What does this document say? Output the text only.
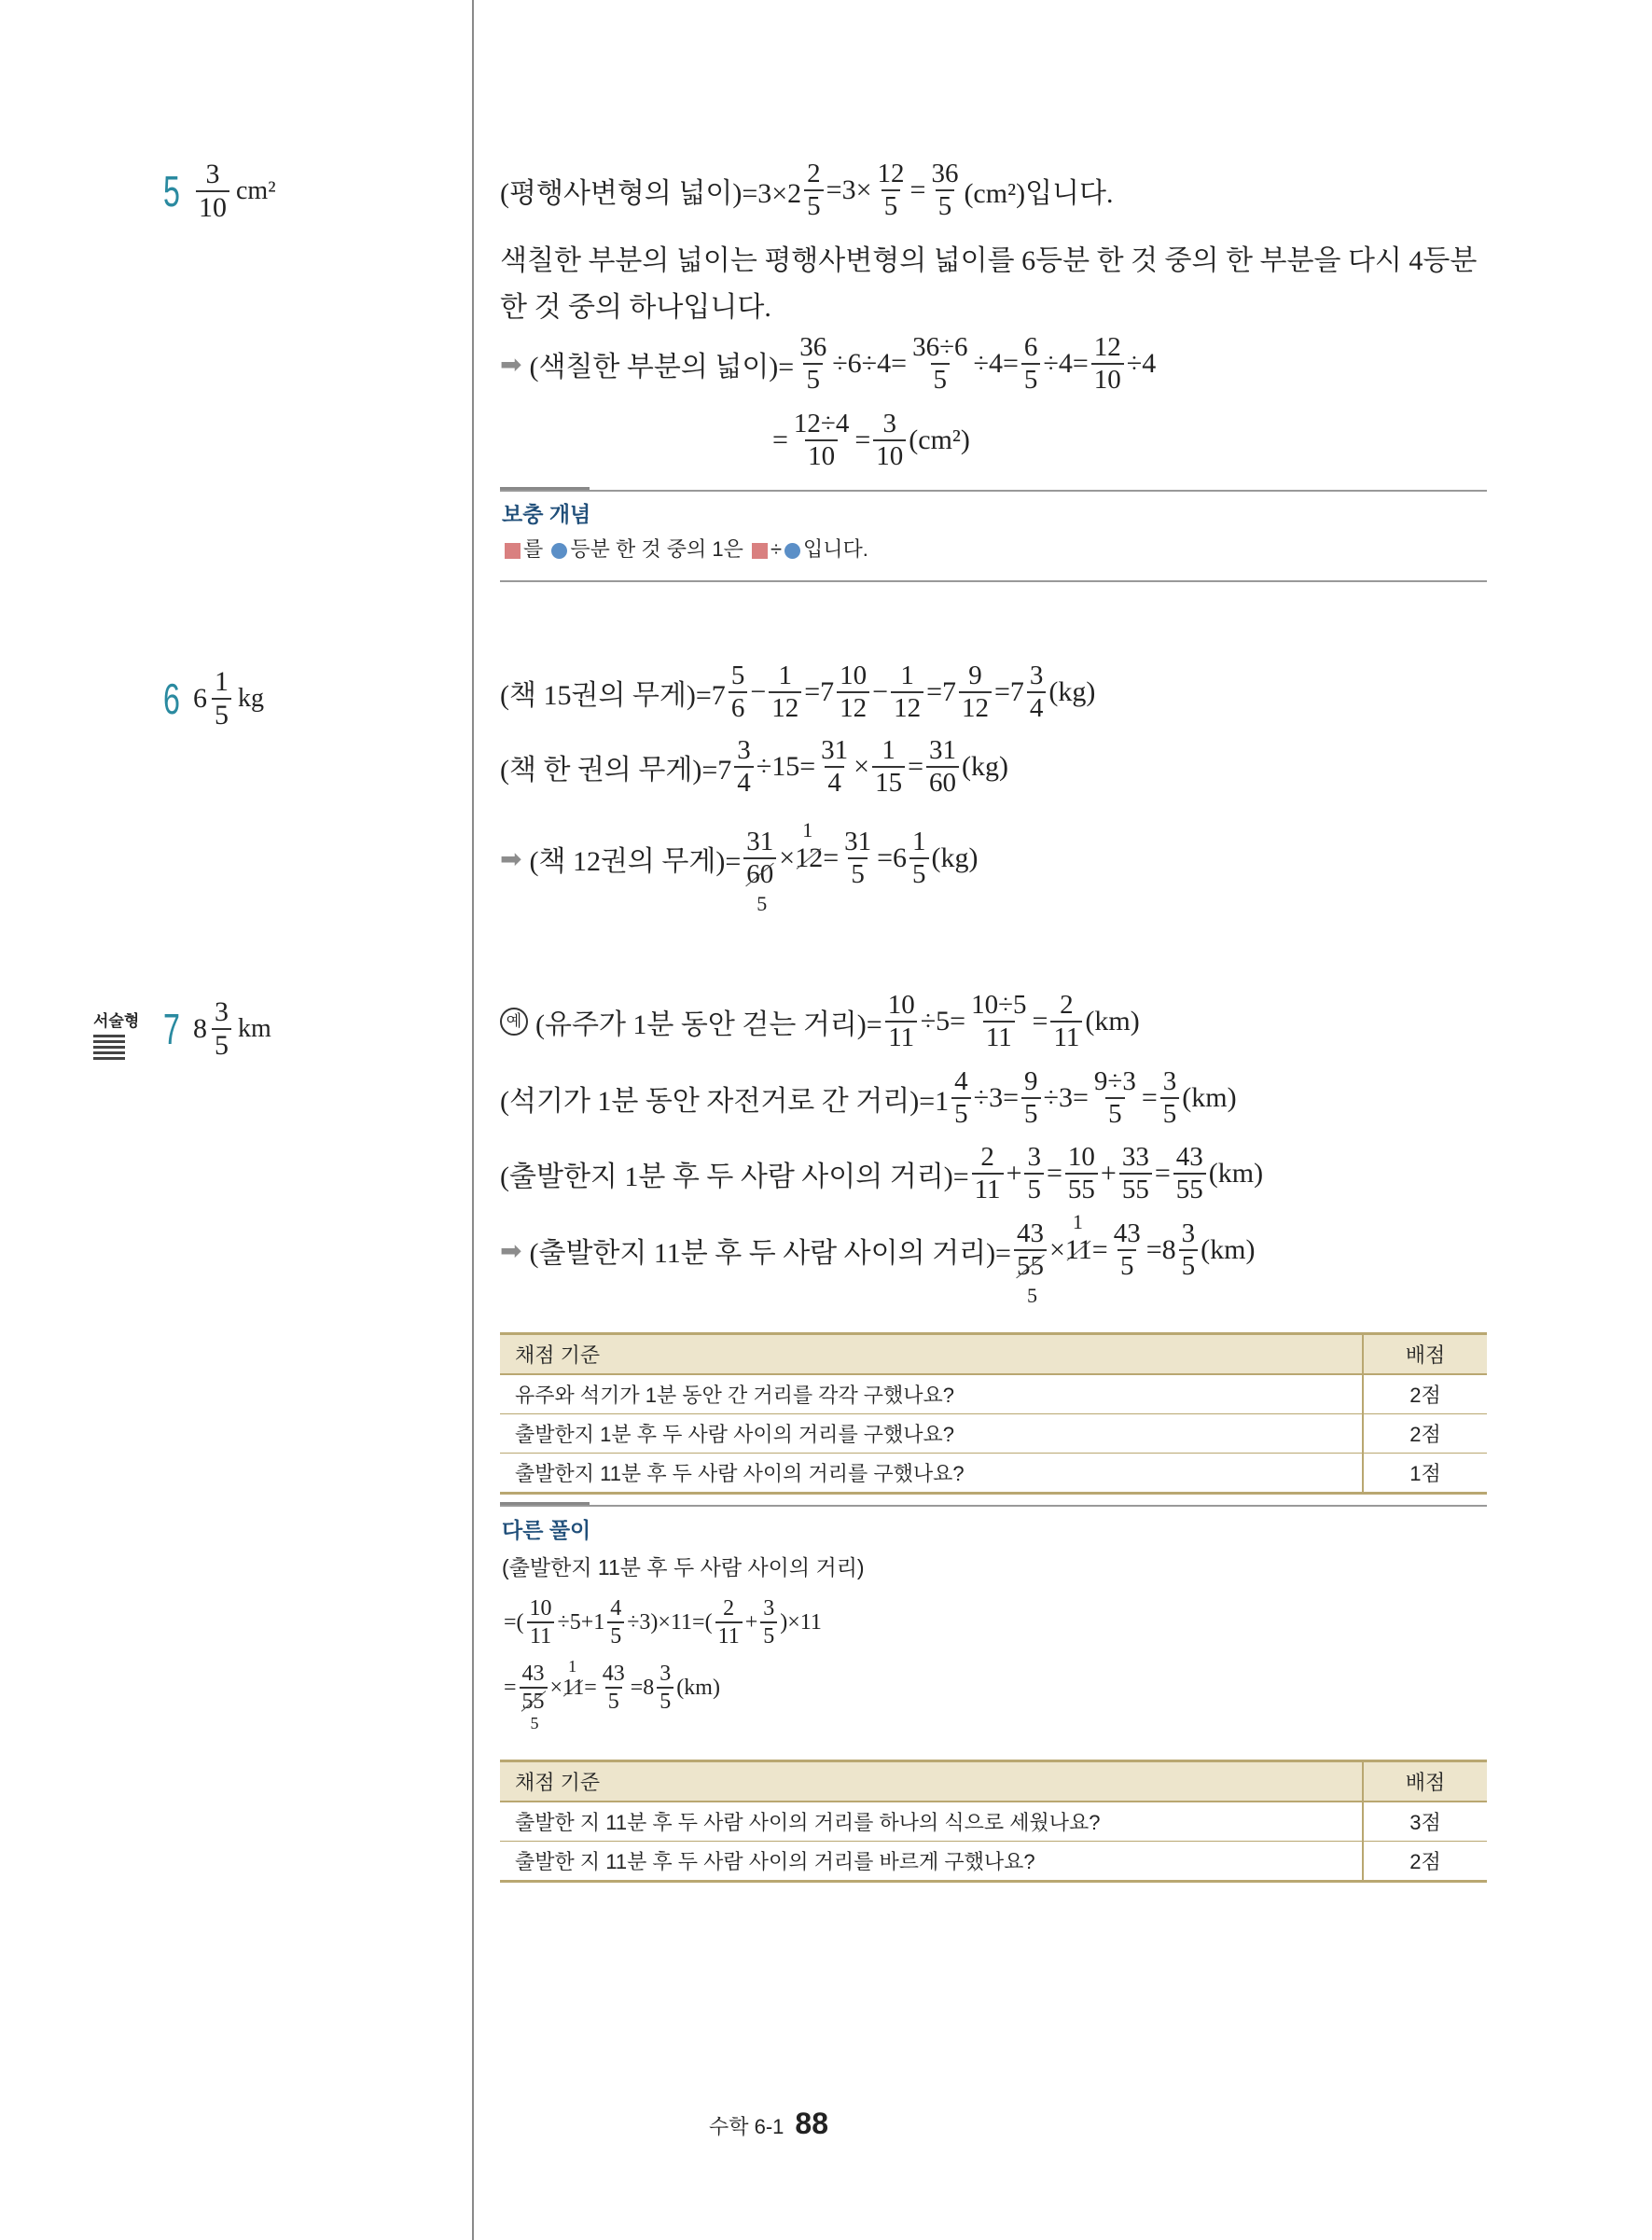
$5 \frac{3}{10} cm^2$	(평행사변형의 넓이)$=3\times 2 \frac{2}{5} =3\times \frac{12}{5} = \frac{36}{5} (cm^2)$입니다.
색칠한 부분의 넓이는 평행사변형의 넓이를 6등분 한 것 중의 한 부분을 다시 4등분 한 것 중의 하나입니다.
➡ (색칠한 부분의 넓이)= $\frac{36}{5} \div 6\div 4= \frac{36\div 6}{5} \div 4= \frac{6}{5} \div 4= \frac{12}{10} \div 4$
= $\frac{12\div 4}{10} = \frac{3}{10} (cm^2)$
보충 개념
를 등분 한 것 중의 1은 ÷ 입니다.
6 $6 \frac{1}{5}$ kg	(책 15권의 무게)$=7 \frac{5}{6} - \frac{1}{12} =7 \frac{10}{12} - \frac{1}{12} =7 \frac{9}{12} =7 \frac{3}{4} (kg)$
(책 한 권의 무게)$=7 \frac{3}{4} \div 15= \frac{31}{4} \times \frac{1}{15} = \frac{31}{60} (kg)$
➡ (책 12권의 무게)=
31
60
5
× 12
1
= $\frac{31}{5} =6 \frac{1}{5} (kg)$
서술형 7 $8 \frac{3}{5}$ km	예 (유주가 1분 동안 걷는 거리)= $\frac{10}{11} \div 5= \frac{10\div 5}{11} = \frac{2}{11} (km)$
(석기가 1분 동안 자전거로 간 거리)$=1 \frac{4}{5} \div 3= \frac{9}{5} \div 3= \frac{9\div 3}{5} = \frac{3}{5} (km)$
(출발한지 1분 후 두 사람 사이의 거리)= $\frac{2}{11} + \frac{3}{5} = \frac{10}{55} + \frac{33}{55} = \frac{43}{55} (km)$
➡ (출발한지 11분 후 두 사람 사이의 거리)=
43
55
5
× 11
1
= $\frac{43}{5} =8 \frac{3}{5} (km)$
채점 기준	배점
유주와 석기가 1분 동안 간 거리를 각각 구했나요?	2점
출발한지 1분 후 두 사람 사이의 거리를 구했나요?	2점
출발한지 11분 후 두 사람 사이의 거리를 구했나요?	1점
다른 풀이
(출발한지 11분 후 두 사람 사이의 거리)
=( $\frac{10}{11} \div 5+1 \frac{4}{5} \div 3)\times 11=( \frac{2}{11} + \frac{3}{5} )\times 11$
=
43
55
5
× 11
1
= $\frac{43}{5} =8 \frac{3}{5} (km)$
채점 기준	배점
출발한 지 11분 후 두 사람 사이의 거리를 하나의 식으로 세웠나요?	3점
출발한 지 11분 후 두 사람 사이의 거리를 바르게 구했나요?	2점
수학 6-1 88
